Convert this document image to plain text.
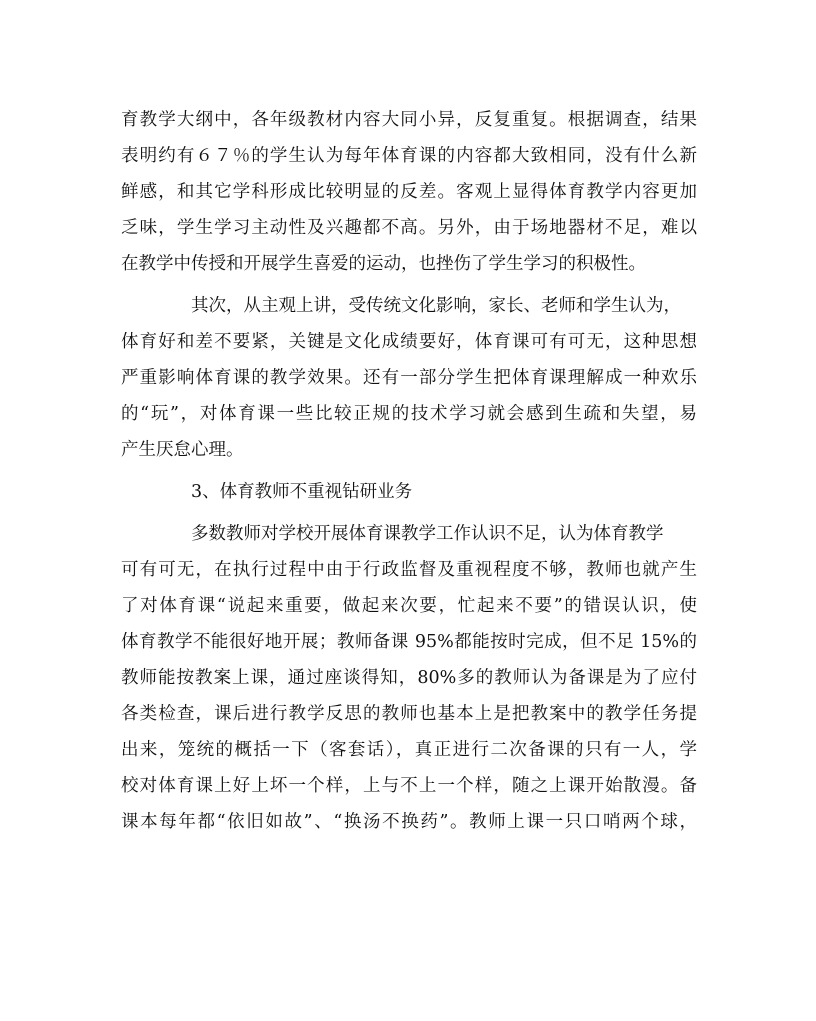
育教学大纲中，各年级教材内容大同小异，反复重复。根据调查，结果
表明约有６７％的学生认为每年体育课的内容都大致相同，没有什么新
鲜感，和其它学科形成比较明显的反差。客观上显得体育教学内容更加
乏味，学生学习主动性及兴趣都不高。另外，由于场地器材不足，难以
在教学中传授和开展学生喜爱的运动，也挫伤了学生学习的积极性。
其次，从主观上讲，受传统文化影响，家长、老师和学生认为，
体育好和差不要紧，关键是文化成绩要好，体育课可有可无，这种思想
严重影响体育课的教学效果。还有一部分学生把体育课理解成一种欢乐
的“玩”，对体育课一些比较正规的技术学习就会感到生疏和失望，易
产生厌怠心理。
3、体育教师不重视钻研业务
多数教师对学校开展体育课教学工作认识不足，认为体育教学
可有可无，在执行过程中由于行政监督及重视程度不够，教师也就产生
了对体育课“说起来重要，做起来次要，忙起来不要”的错误认识，使
体育教学不能很好地开展；教师备课 95%都能按时完成，但不足 15%的
教师能按教案上课，通过座谈得知，80%多的教师认为备课是为了应付
各类检查，课后进行教学反思的教师也基本上是把教案中的教学任务提
出来，笼统的概括一下（客套话），真正进行二次备课的只有一人，学
校对体育课上好上坏一个样，上与不上一个样，随之上课开始散漫。备
课本每年都“依旧如故”、“换汤不换药”。教师上课一只口哨两个球，
